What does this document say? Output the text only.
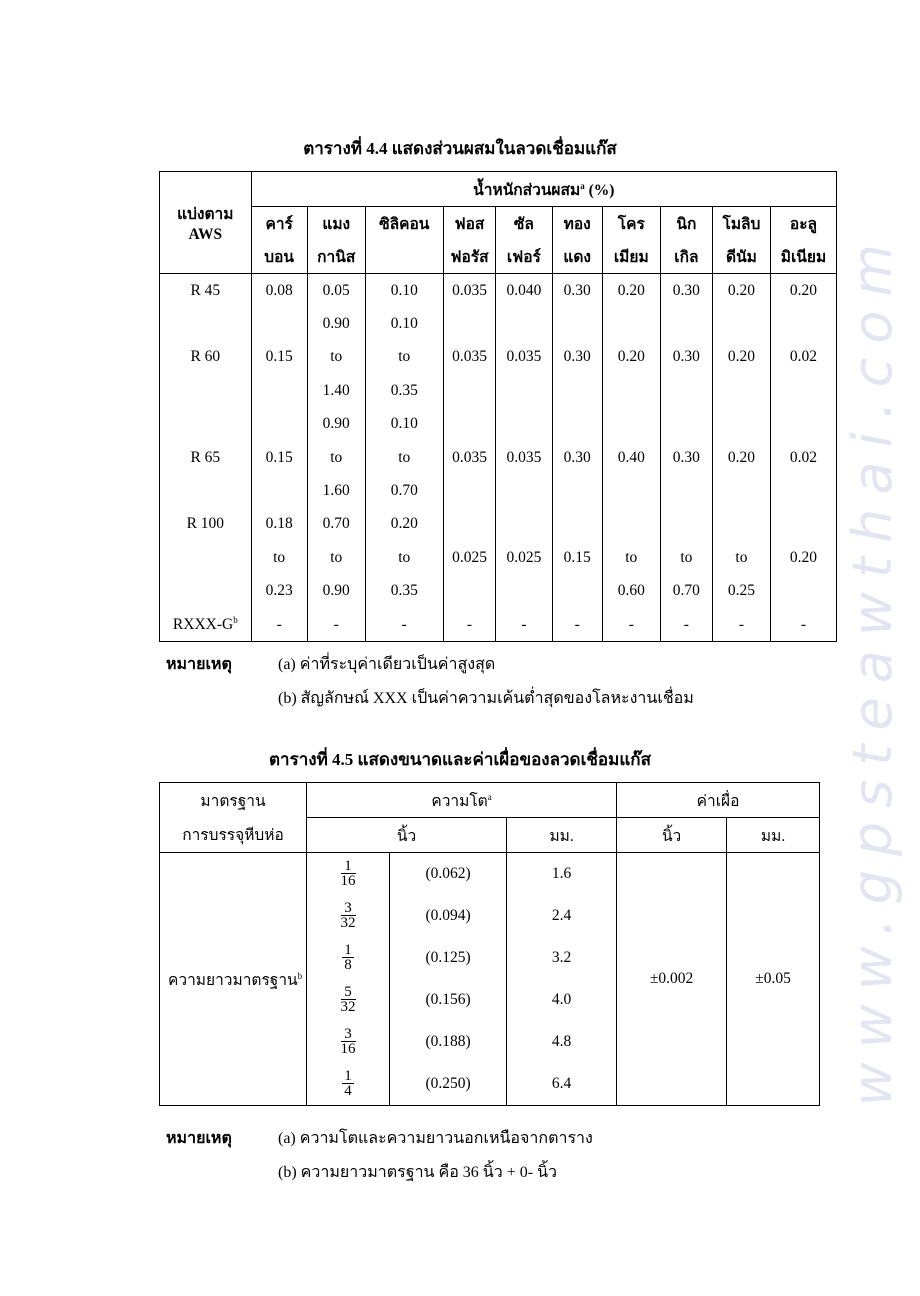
www.gpsteawthai.com
ตารางที่ 4.4 แสดงส่วนผสมในลวดเชื่อมแก๊ส
แบ่งตาม
AWS	น้ำหนักส่วนผสม$^a$ (%)									
	คาร์	แมง	ซิลิคอน	ฟอส	ซัล	ทอง	โคร	นิก	โมลิบ	อะลู
	บอน	กานิส		ฟอรัส	เฟอร์	แดง	เมียม	เกิล	ดีนัม	มิเนียม
R 45	0.08	0.05	0.10	0.035	0.040	0.30	0.20	0.30	0.20	0.20
		0.90	0.10							
R 60	0.15	to	to	0.035	0.035	0.30	0.20	0.30	0.20	0.02
		1.40	0.35							
		0.90	0.10							
R 65	0.15	to	to	0.035	0.035	0.30	0.40	0.30	0.20	0.02
		1.60	0.70							
R 100	0.18	0.70	0.20							
	to	to	to	0.025	0.025	0.15	to	to	to	0.20
	0.23	0.90	0.35				0.60	0.70	0.25	
RXXX-$G^b$	-	-	-	-	-	-	-	-	-	-
หมายเหตุ	(a) ค่าที่ระบุค่าเดียวเป็นค่าสูงสุด
(b) สัญลักษณ์ XXX เป็นค่าความเค้นต่ำสุดของโลหะงานเชื่อม
ตารางที่ 4.5 แสดงขนาดและค่าเผื่อของลวดเชื่อมแก๊ส
มาตรฐาน	ความโต$^a$			ค่าเผื่อ	
การบรรจุหีบห่อ	นิ้ว		มม.	นิ้ว	มม.
ความยาวมาตรฐาน$^b$	$\frac{1}{16}$	(0.062)	1.6	±0.002	±0.05

	$\frac{3}{32}$	(0.094)	2.4		

	$\frac{1}{8}$	(0.125)	3.2		

	$\frac{5}{32}$	(0.156)	4.0		

	$\frac{3}{16}$	(0.188)	4.8		

	$\frac{1}{4}$	(0.250)	6.4		
หมายเหตุ	(a) ความโตและความยาวนอกเหนือจากตาราง
(b) ความยาวมาตรฐาน คือ 36 นิ้ว + 0- นิ้ว
